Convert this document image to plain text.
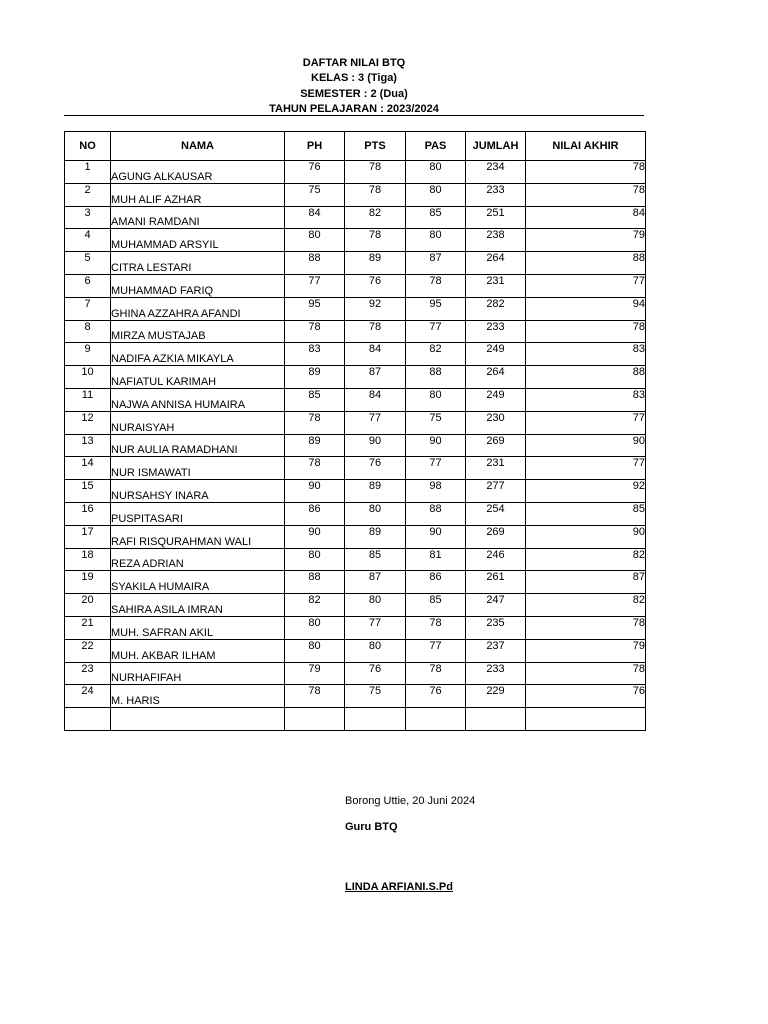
DAFTAR NILAI BTQ
KELAS : 3 (Tiga)
SEMESTER : 2 (Dua)
TAHUN PELAJARAN : 2023/2024
NO	NAMA	PH	PTS	PAS	JUMLAH	NILAI AKHIR
1	AGUNG ALKAUSAR	76	78	80	234	78
2	MUH ALIF AZHAR	75	78	80	233	78
3	AMANI RAMDANI	84	82	85	251	84
4	MUHAMMAD ARSYIL	80	78	80	238	79
5	CITRA LESTARI	88	89	87	264	88
6	MUHAMMAD FARIQ	77	76	78	231	77
7	GHINA AZZAHRA AFANDI	95	92	95	282	94
8	MIRZA MUSTAJAB	78	78	77	233	78
9	NADIFA AZKIA MIKAYLA	83	84	82	249	83
10	NAFIATUL KARIMAH	89	87	88	264	88
11	NAJWA ANNISA HUMAIRA	85	84	80	249	83
12	NURAISYAH	78	77	75	230	77
13	NUR AULIA RAMADHANI	89	90	90	269	90
14	NUR ISMAWATI	78	76	77	231	77
15	NURSAHSY INARA	90	89	98	277	92
16	PUSPITASARI	86	80	88	254	85
17	RAFI RISQURAHMAN WALI	90	89	90	269	90
18	REZA ADRIAN	80	85	81	246	82
19	SYAKILA HUMAIRA	88	87	86	261	87
20	SAHIRA ASILA IMRAN	82	80	85	247	82
21	MUH. SAFRAN AKIL	80	77	78	235	78
22	MUH. AKBAR ILHAM	80	80	77	237	79
23	NURHAFIFAH	79	76	78	233	78
24	M. HARIS	78	75	76	229	76

Borong Uttie, 20 Juni 2024
Guru BTQ
LINDA ARFIANI.S.Pd
